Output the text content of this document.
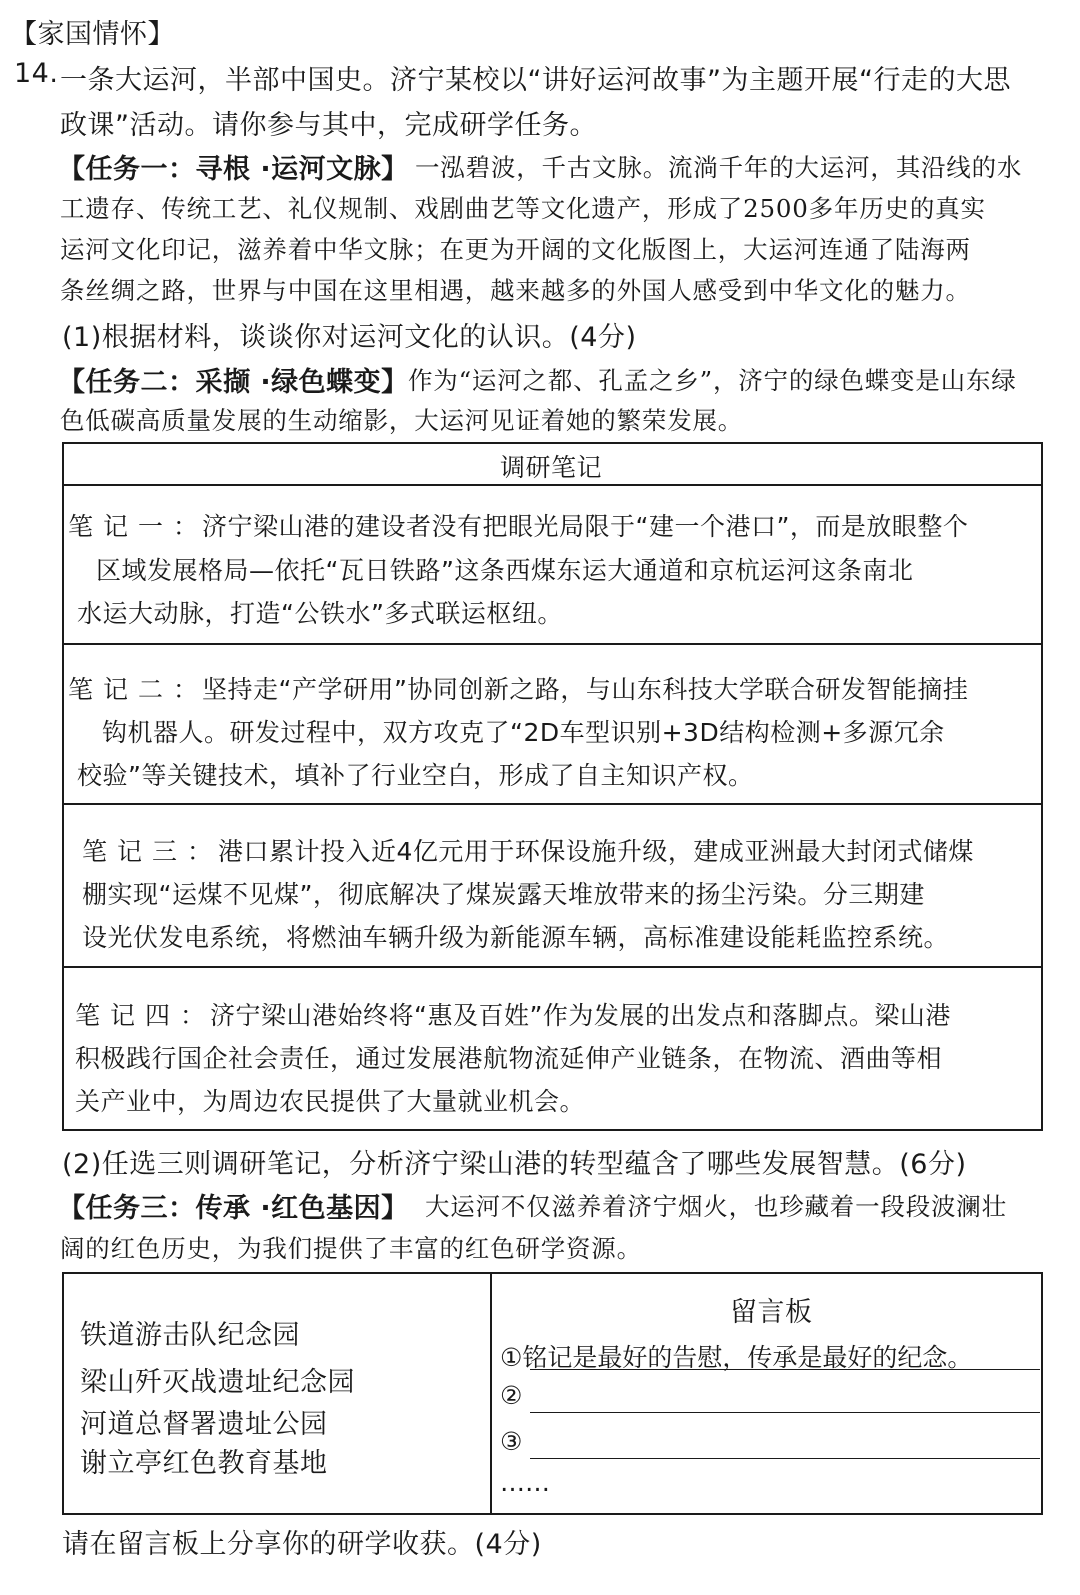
【家国情怀】
14. 一条大运河，半部中国史。济宁某校以“讲好运河故事”为主题开展“行走的大思
政课”活动。请你参与其中，完成研学任务。
【任务一：寻根 ·运河文脉】 一泓碧波，千古文脉。流淌千年的大运河，其沿线的水
工遗存、传统工艺、礼仪规制、戏剧曲艺等文化遗产，形成了2500多年历史的真实
运河文化印记，滋养着中华文脉；在更为开阔的文化版图上，大运河连通了陆海两
条丝绸之路，世界与中国在这里相遇，越来越多的外国人感受到中华文化的魅力。
(1)根据材料，谈谈你对运河文化的认识。(4分)
【任务二：采撷 ·绿色蝶变】 作为“运河之都、孔孟之乡”，济宁的绿色蝶变是山东绿
色低碳高质量发展的生动缩影，大运河见证着她的繁荣发展。
调研笔记
笔记一：
济宁梁山港的建设者没有把眼光局限于“建一个港口”，而是放眼整个
区域发展格局—依托“瓦日铁路”这条西煤东运大通道和京杭运河这条南北
水运大动脉，打造“公铁水”多式联运枢纽。
笔记二：
坚持走“产学研用”协同创新之路，与山东科技大学联合研发智能摘挂
钩机器人。研发过程中，双方攻克了“2D车型识别+3D结构检测+多源冗余
校验”等关键技术，填补了行业空白，形成了自主知识产权。
笔记三：
港口累计投入近4亿元用于环保设施升级，建成亚洲最大封闭式储煤
棚实现“运煤不见煤”，彻底解决了煤炭露天堆放带来的扬尘污染。分三期建
设光伏发电系统，将燃油车辆升级为新能源车辆，高标准建设能耗监控系统。
笔记四：
济宁梁山港始终将“惠及百姓”作为发展的出发点和落脚点。梁山港
积极践行国企社会责任，通过发展港航物流延伸产业链条，在物流、酒曲等相
关产业中，为周边农民提供了大量就业机会。
(2)任选三则调研笔记，分析济宁梁山港的转型蕴含了哪些发展智慧。(6分)
【任务三：传承 ·红色基因】 大运河不仅滋养着济宁烟火，也珍藏着一段段波澜壮
阔的红色历史，为我们提供了丰富的红色研学资源。
铁道游击队纪念园
梁山歼灭战遗址纪念园
河道总督署遗址公园
谢立亭红色教育基地
留言板
①铭记是最好的告慰，传承是最好的纪念。
②
③
……
请在留言板上分享你的研学收获。(4分)
